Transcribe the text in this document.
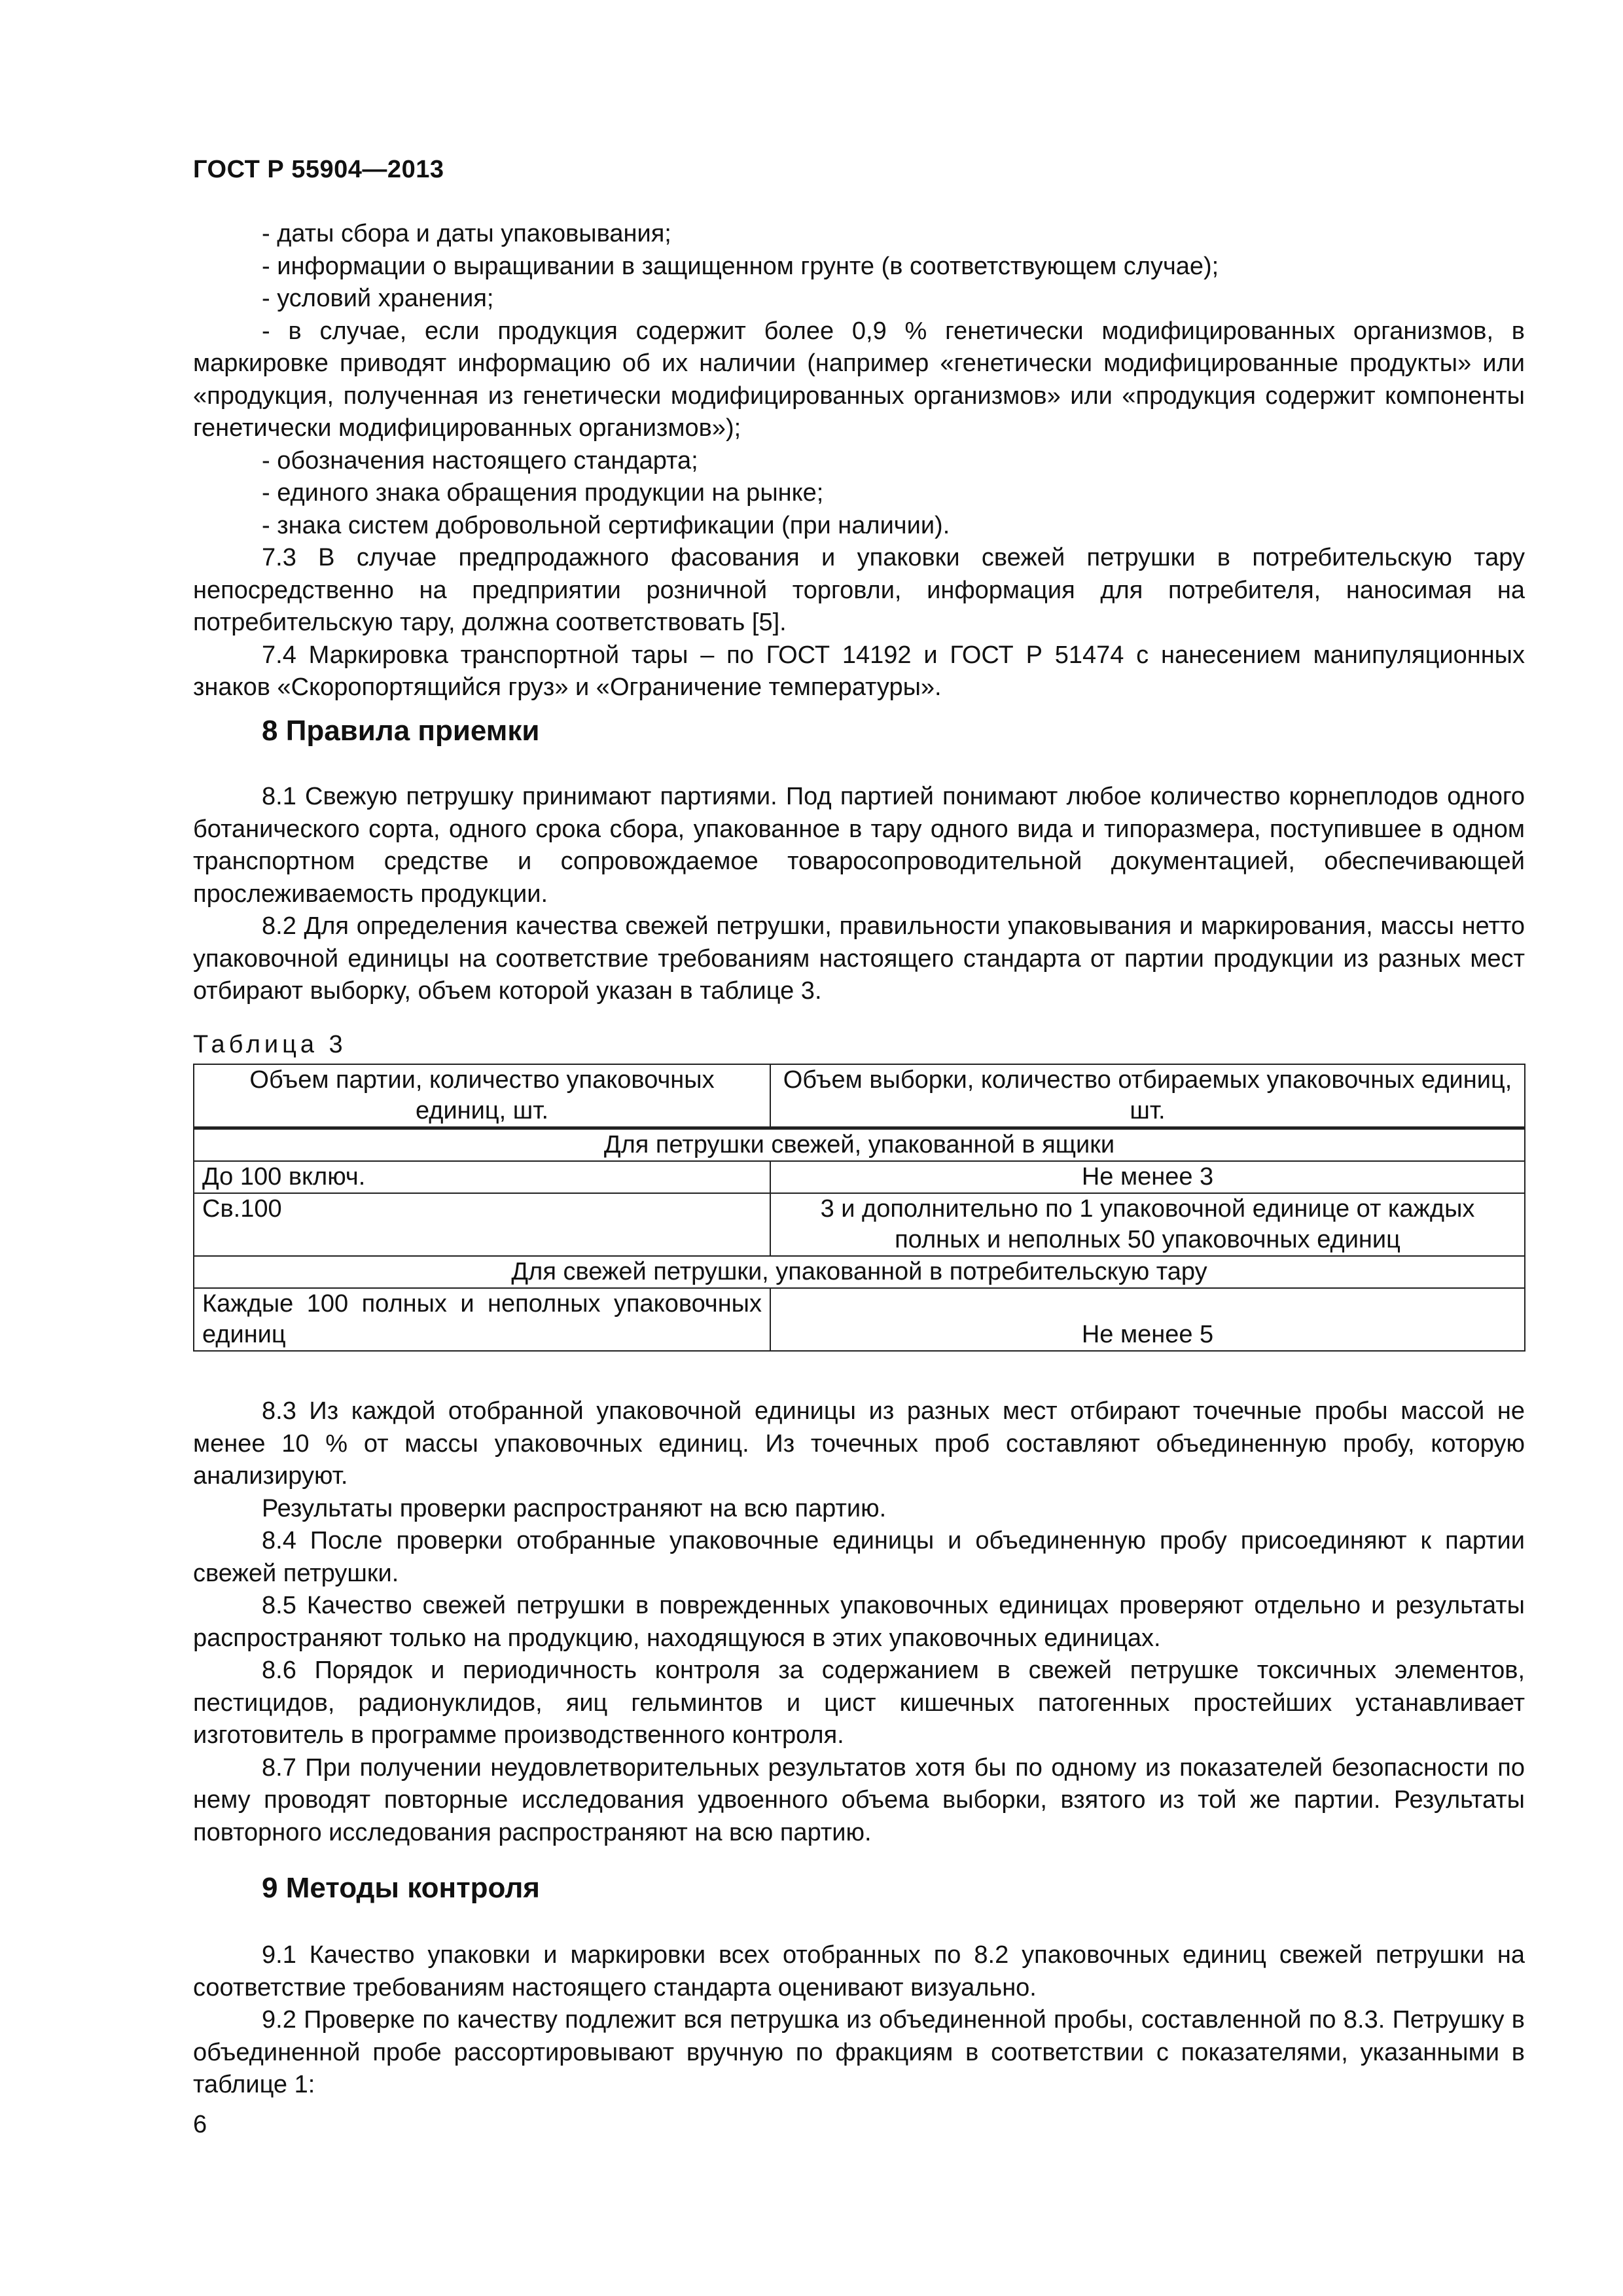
ГОСТ Р 55904—2013

- даты сбора и даты упаковывания;

- информации о выращивании в защищенном грунте (в соответствующем случае);

- условий хранения;

- в случае, если продукция содержит более 0,9 % генетически модифицированных организмов, в маркировке приводят информацию об их наличии (например «генетически модифицированные продукты» или «продукция, полученная из генетически модифицированных организмов» или «продукция содержит компоненты генетически модифицированных организмов»);

- обозначения настоящего стандарта;

- единого знака обращения продукции на рынке;

- знака систем добровольной сертификации (при наличии).

7.3 В случае предпродажного фасования и упаковки свежей петрушки в потребительскую тару непосредственно на предприятии розничной торговли, информация для потребителя, наносимая на потребительскую тару, должна соответствовать [5].

7.4 Маркировка транспортной тары – по ГОСТ 14192 и ГОСТ Р 51474 с нанесением манипуляционных знаков «Скоропортящийся груз» и «Ограничение температуры».

8 Правила приемки

8.1 Свежую петрушку принимают партиями. Под партией понимают любое количество корнеплодов одного ботанического сорта, одного срока сбора, упакованное в тару одного вида и типоразмера, поступившее в одном транспортном средстве и сопровождаемое товаросопроводительной документацией, обеспечивающей прослеживаемость продукции.

8.2 Для определения качества свежей петрушки, правильности упаковывания и маркирования, массы нетто упаковочной единицы на соответствие требованиям настоящего стандарта от партии продукции из разных мест отбирают выборку, объем которой указан в таблице 3.

Таблица 3
Объем партии, количество упаковочных единиц, шт.	Объем выборки, количество отбираемых упаковочных единиц, шт.
Для петрушки свежей, упакованной в ящики	
До 100 включ.	Не менее 3
Св.100	3 и дополнительно по 1 упаковочной единице от каждых полных и неполных 50 упаковочных единиц
Для свежей петрушки, упакованной в потребительскую тару	
Каждые 100 полных и неполных упаковочных единиц	Не менее 5

8.3 Из каждой отобранной упаковочной единицы из разных мест отбирают точечные пробы массой не менее 10 % от массы упаковочных единиц. Из точечных проб составляют объединенную пробу, которую анализируют.

Результаты проверки распространяют на всю партию.

8.4 После проверки отобранные упаковочные единицы и объединенную пробу присоединяют к партии свежей петрушки.

8.5 Качество свежей петрушки в поврежденных упаковочных единицах проверяют отдельно и результаты распространяют только на продукцию, находящуюся в этих упаковочных единицах.

8.6 Порядок и периодичность контроля за содержанием в свежей петрушке токсичных элементов, пестицидов, радионуклидов, яиц гельминтов и цист кишечных патогенных простейших устанавливает изготовитель в программе производственного контроля.

8.7 При получении неудовлетворительных результатов хотя бы по одному из показателей безопасности по нему проводят повторные исследования удвоенного объема выборки, взятого из той же партии. Результаты повторного исследования распространяют на всю партию.

9 Методы контроля

9.1 Качество упаковки и маркировки всех отобранных по 8.2 упаковочных единиц свежей петрушки на соответствие требованиям настоящего стандарта оценивают визуально.

9.2 Проверке по качеству подлежит вся петрушка из объединенной пробы, составленной по 8.3. Петрушку в объединенной пробе рассортировывают вручную по фракциям в соответствии с показателями, указанными в таблице 1:

6
